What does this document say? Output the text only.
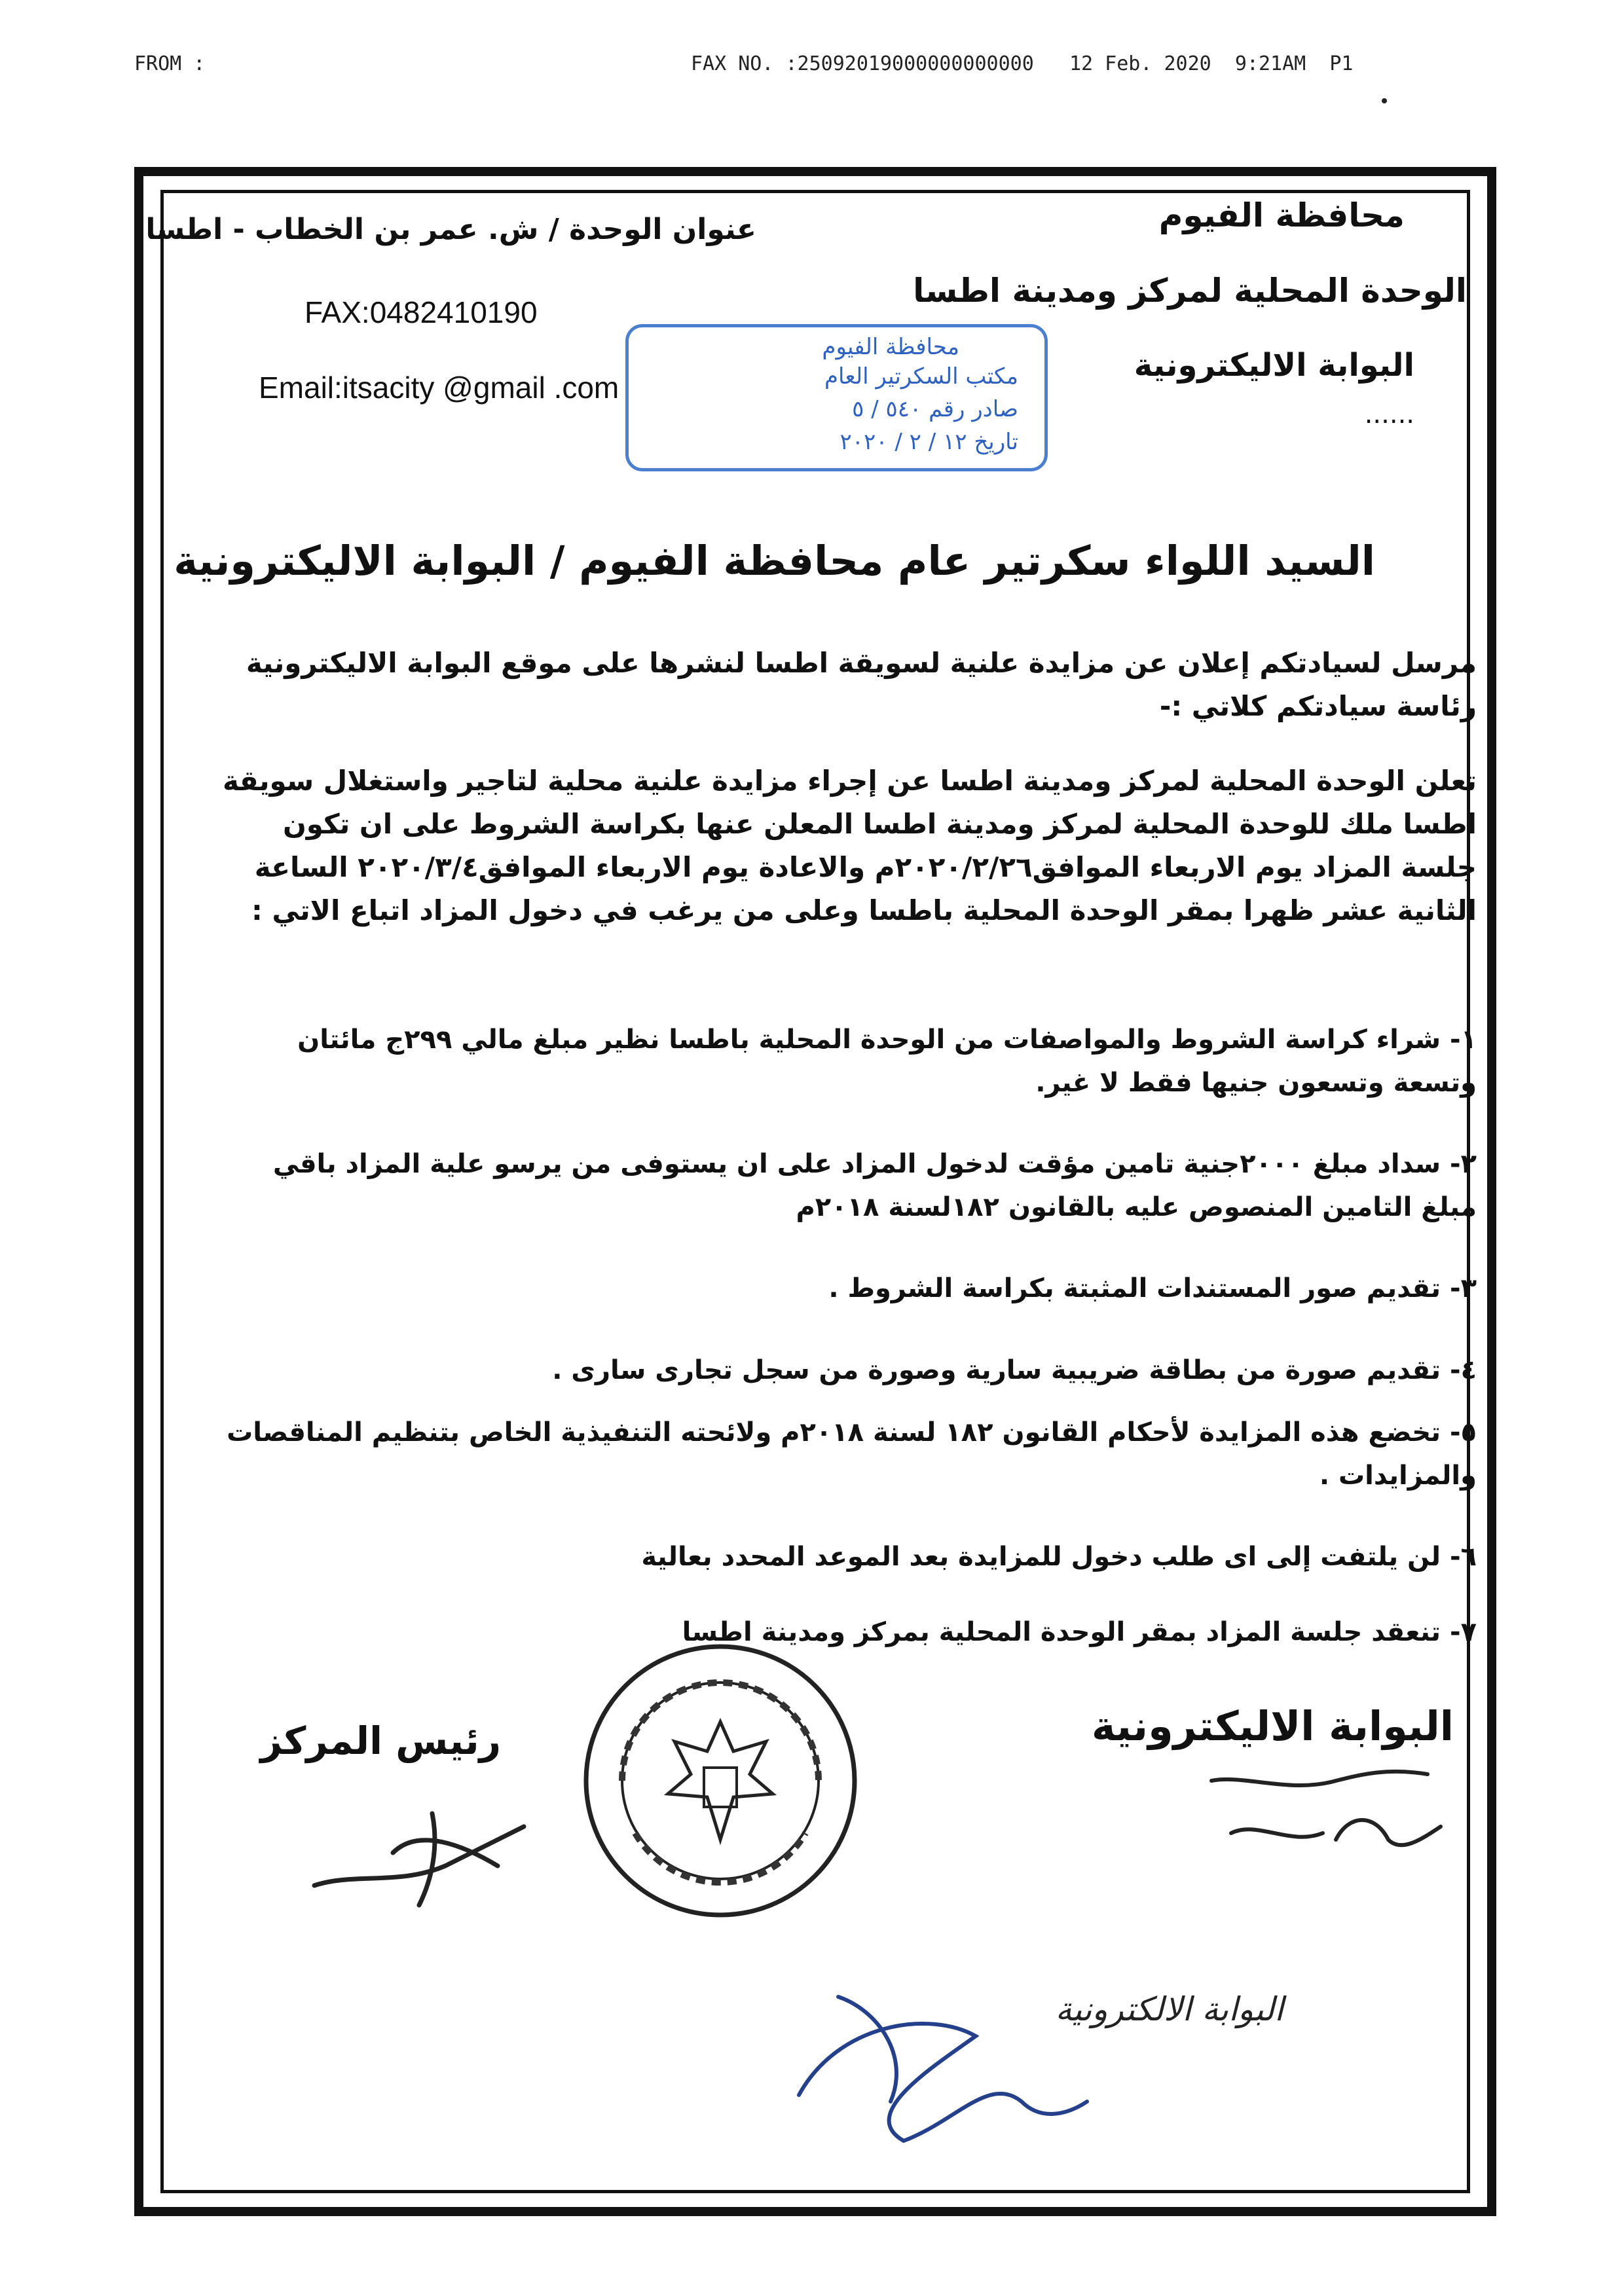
FROM :	FAX NO. :25092019000000000000   12 Feb. 2020  9:21AM  P1
محافظة الفيوم
الوحدة المحلية لمركز ومدينة اطسا
البوابة الاليكترونية
......
عنوان الوحدة / ش. عمر بن الخطاب - اطسا
FAX:0482410190
Email:itsacity @gmail .com
محافظة الفيوم
مكتب السكرتير العام
صادر رقم ٥٤٠ / ٥
تاريخ ١٢ / ٢ / ٢٠٢٠
السيد اللواء سكرتير عام محافظة الفيوم / البوابة الاليكترونية
مرسل لسيادتكم إعلان عن مزايدة علنية لسويقة اطسا لنشرها على موقع البوابة الاليكترونية رئاسة سيادتكم كلاتي :-
تعلن الوحدة المحلية لمركز ومدينة اطسا عن إجراء مزايدة علنية محلية لتاجير واستغلال سويقة اطسا ملك للوحدة المحلية لمركز ومدينة اطسا المعلن عنها بكراسة الشروط على ان تكون جلسة المزاد يوم الاربعاء الموافق٢٠٢٠/٢/٢٦م والاعادة يوم الاربعاء الموافق٢٠٢٠/٣/٤ الساعة الثانية عشر ظهرا بمقر الوحدة المحلية باطسا وعلى من يرغب في دخول المزاد اتباع الاتي :
١- شراء كراسة الشروط والمواصفات من الوحدة المحلية باطسا نظير مبلغ مالي ٢٩٩ج مائتان وتسعة وتسعون جنيها فقط لا غير.
٢- سداد مبلغ ٢٠٠٠جنية تامين مؤقت لدخول المزاد على ان يستوفى من يرسو علية المزاد باقي مبلغ التامين المنصوص عليه بالقانون ١٨٢لسنة ٢٠١٨م
٣- تقديم صور المستندات المثبتة بكراسة الشروط .
٤- تقديم صورة من بطاقة ضريبية سارية وصورة من سجل تجارى سارى .
٥- تخضع هذه المزايدة لأحكام القانون ١٨٢ لسنة ٢٠١٨م ولائحته التنفيذية الخاص بتنظيم المناقصات والمزايدات .
٦- لن يلتفت إلى اى طلب دخول للمزايدة بعد الموعد المحدد بعالية
٧- تنعقد جلسة المزاد بمقر الوحدة المحلية بمركز ومدينة اطسا
البوابة الاليكترونية
رئيس المركز
البوابة الالكترونية
